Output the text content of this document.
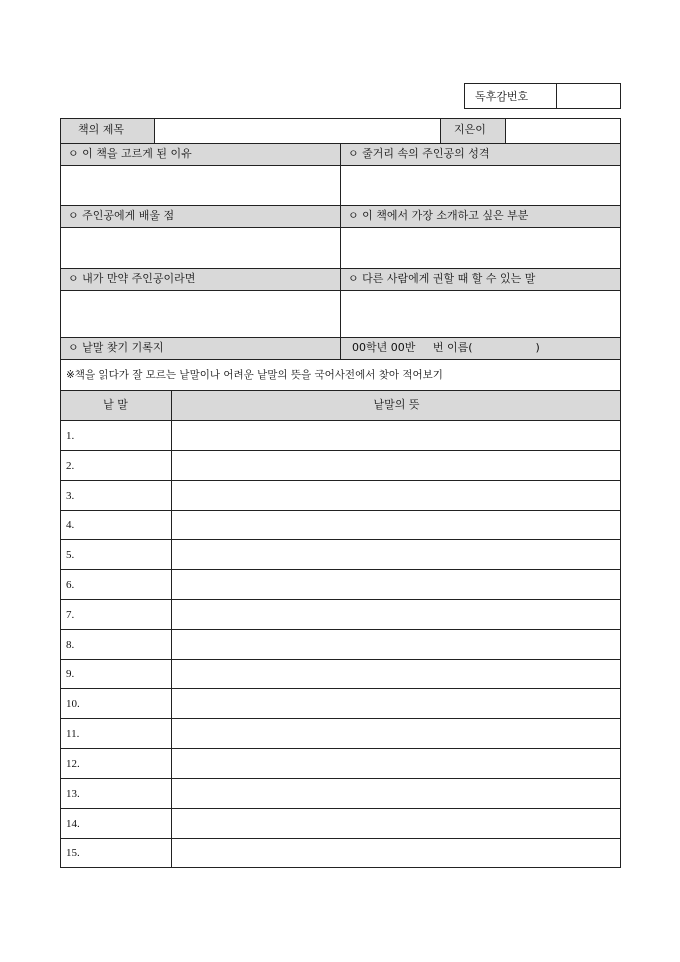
독후감번호
책의 제목	지은이
ㅇ 이 책을 고르게 된 이유	ㅇ 줄거리 속의 주인공의 성격
ㅇ 주인공에게 배울 점	ㅇ 이 책에서 가장 소개하고 싶은 부분
ㅇ 내가 만약 주인공이라면	ㅇ 다른 사람에게 권할 때 할 수 있는 말
ㅇ 낱말 찾기 기록지	00학년 00반     번 이름(                  )
※책을 읽다가 잘 모르는 낱말이나 어려운 낱말의 뜻을 국어사전에서 찾아 적어보기
낱 말	낱말의 뜻
1.
2.
3.
4.
5.
6.
7.
8.
9.
10.
11.
12.
13.
14.
15.
